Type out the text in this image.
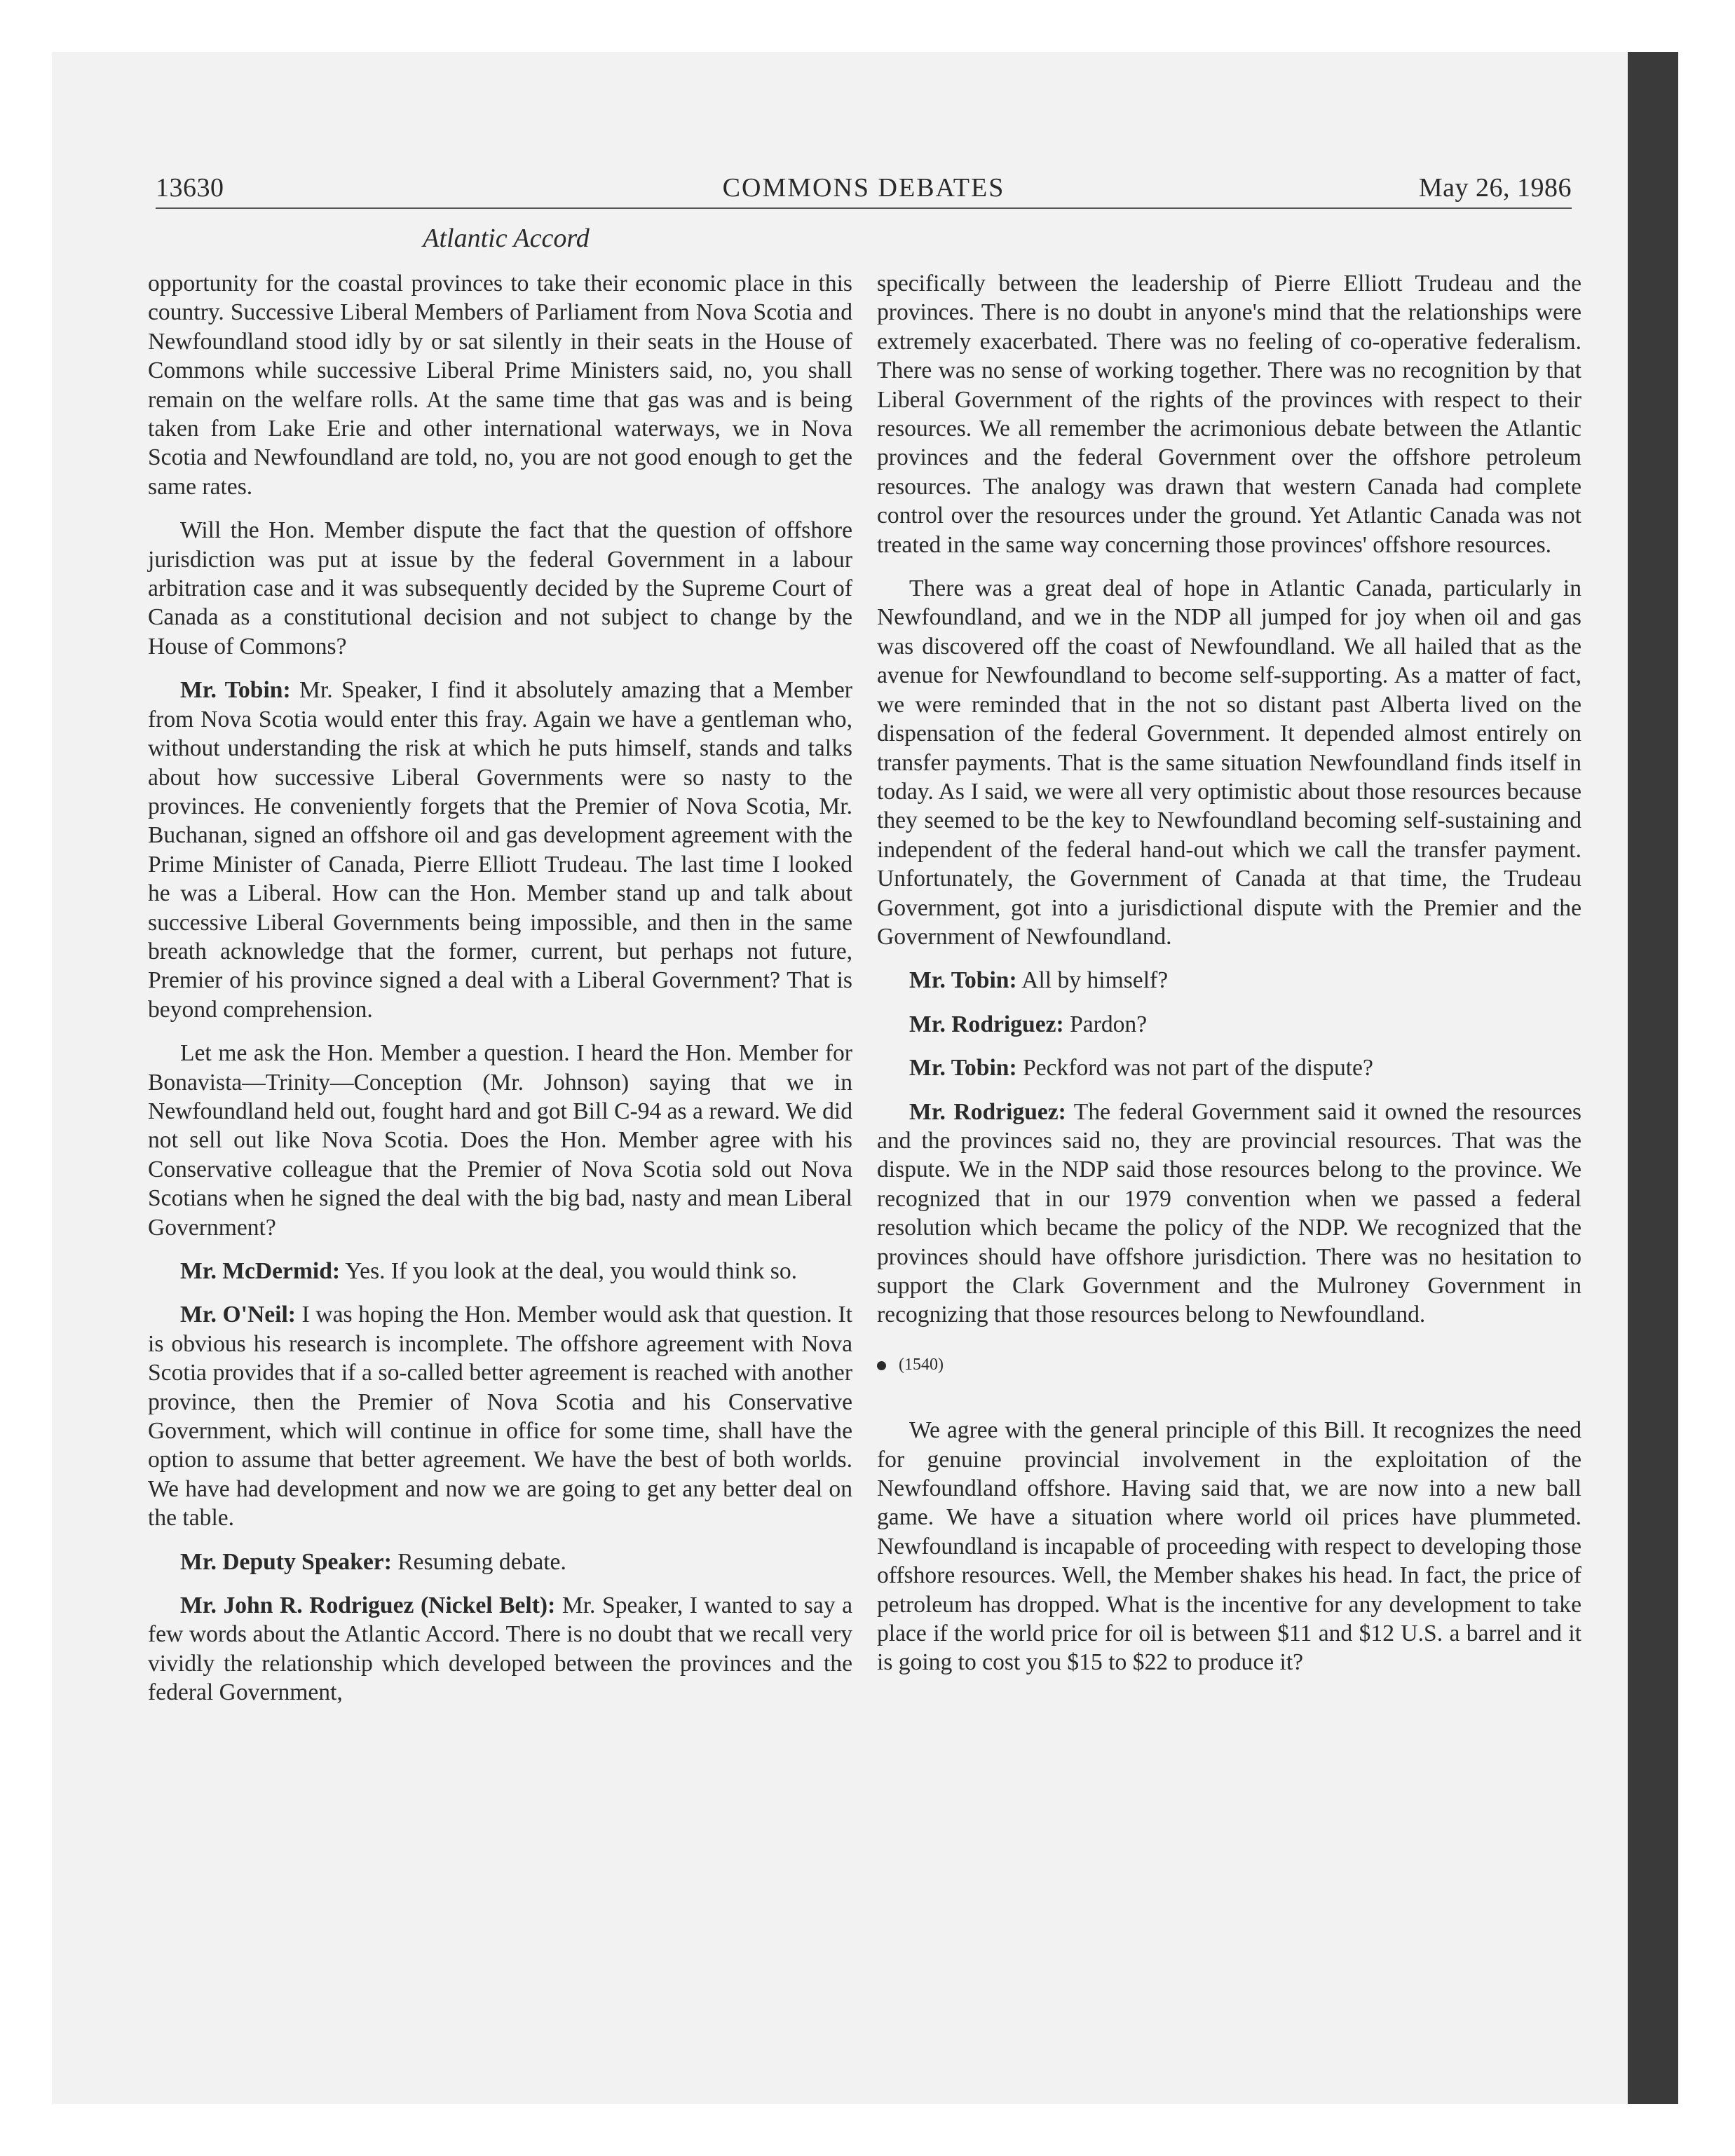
13630	COMMONS DEBATES	May 26, 1986
Atlantic Accord

opportunity for the coastal provinces to take their economic place in this country. Successive Liberal Members of Parliament from Nova Scotia and Newfoundland stood idly by or sat silently in their seats in the House of Commons while successive Liberal Prime Ministers said, no, you shall remain on the welfare rolls. At the same time that gas was and is being taken from Lake Erie and other international waterways, we in Nova Scotia and Newfoundland are told, no, you are not good enough to get the same rates.

Will the Hon. Member dispute the fact that the question of offshore jurisdiction was put at issue by the federal Government in a labour arbitration case and it was subsequently decided by the Supreme Court of Canada as a constitutional decision and not subject to change by the House of Commons?

Mr. Tobin: Mr. Speaker, I find it absolutely amazing that a Member from Nova Scotia would enter this fray. Again we have a gentleman who, without understanding the risk at which he puts himself, stands and talks about how successive Liberal Governments were so nasty to the provinces. He conveniently forgets that the Premier of Nova Scotia, Mr. Buchanan, signed an offshore oil and gas development agreement with the Prime Minister of Canada, Pierre Elliott Trudeau. The last time I looked he was a Liberal. How can the Hon. Member stand up and talk about successive Liberal Governments being impossible, and then in the same breath acknowledge that the former, current, but perhaps not future, Premier of his province signed a deal with a Liberal Government? That is beyond comprehension.

Let me ask the Hon. Member a question. I heard the Hon. Member for Bonavista—Trinity—Conception (Mr. Johnson) saying that we in Newfoundland held out, fought hard and got Bill C-94 as a reward. We did not sell out like Nova Scotia. Does the Hon. Member agree with his Conservative colleague that the Premier of Nova Scotia sold out Nova Scotians when he signed the deal with the big bad, nasty and mean Liberal Government?

Mr. McDermid: Yes. If you look at the deal, you would think so.

Mr. O'Neil: I was hoping the Hon. Member would ask that question. It is obvious his research is incomplete. The offshore agreement with Nova Scotia provides that if a so-called better agreement is reached with another province, then the Premier of Nova Scotia and his Conservative Government, which will continue in office for some time, shall have the option to assume that better agreement. We have the best of both worlds. We have had development and now we are going to get any better deal on the table.

Mr. Deputy Speaker: Resuming debate.

Mr. John R. Rodriguez (Nickel Belt): Mr. Speaker, I wanted to say a few words about the Atlantic Accord. There is no doubt that we recall very vividly the relationship which developed between the provinces and the federal Government,

specifically between the leadership of Pierre Elliott Trudeau and the provinces. There is no doubt in anyone's mind that the relationships were extremely exacerbated. There was no feeling of co-operative federalism. There was no sense of working together. There was no recognition by that Liberal Government of the rights of the provinces with respect to their resources. We all remember the acrimonious debate between the Atlantic provinces and the federal Government over the offshore petroleum resources. The analogy was drawn that western Canada had complete control over the resources under the ground. Yet Atlantic Canada was not treated in the same way concerning those provinces' offshore resources.

There was a great deal of hope in Atlantic Canada, particularly in Newfoundland, and we in the NDP all jumped for joy when oil and gas was discovered off the coast of Newfoundland. We all hailed that as the avenue for Newfoundland to become self-supporting. As a matter of fact, we were reminded that in the not so distant past Alberta lived on the dispensation of the federal Government. It depended almost entirely on transfer payments. That is the same situation Newfoundland finds itself in today. As I said, we were all very optimistic about those resources because they seemed to be the key to Newfoundland becoming self-sustaining and independent of the federal hand-out which we call the transfer payment. Unfortunately, the Government of Canada at that time, the Trudeau Government, got into a jurisdictional dispute with the Premier and the Government of Newfoundland.

Mr. Tobin: All by himself?

Mr. Rodriguez: Pardon?

Mr. Tobin: Peckford was not part of the dispute?

Mr. Rodriguez: The federal Government said it owned the resources and the provinces said no, they are provincial resources. That was the dispute. We in the NDP said those resources belong to the province. We recognized that in our 1979 convention when we passed a federal resolution which became the policy of the NDP. We recognized that the provinces should have offshore jurisdiction. There was no hesitation to support the Clark Government and the Mulroney Government in recognizing that those resources belong to Newfoundland.

(1540)

We agree with the general principle of this Bill. It recognizes the need for genuine provincial involvement in the exploitation of the Newfoundland offshore. Having said that, we are now into a new ball game. We have a situation where world oil prices have plummeted. Newfoundland is incapable of proceeding with respect to developing those offshore resources. Well, the Member shakes his head. In fact, the price of petroleum has dropped. What is the incentive for any development to take place if the world price for oil is between $11 and $12 U.S. a barrel and it is going to cost you $15 to $22 to produce it?
